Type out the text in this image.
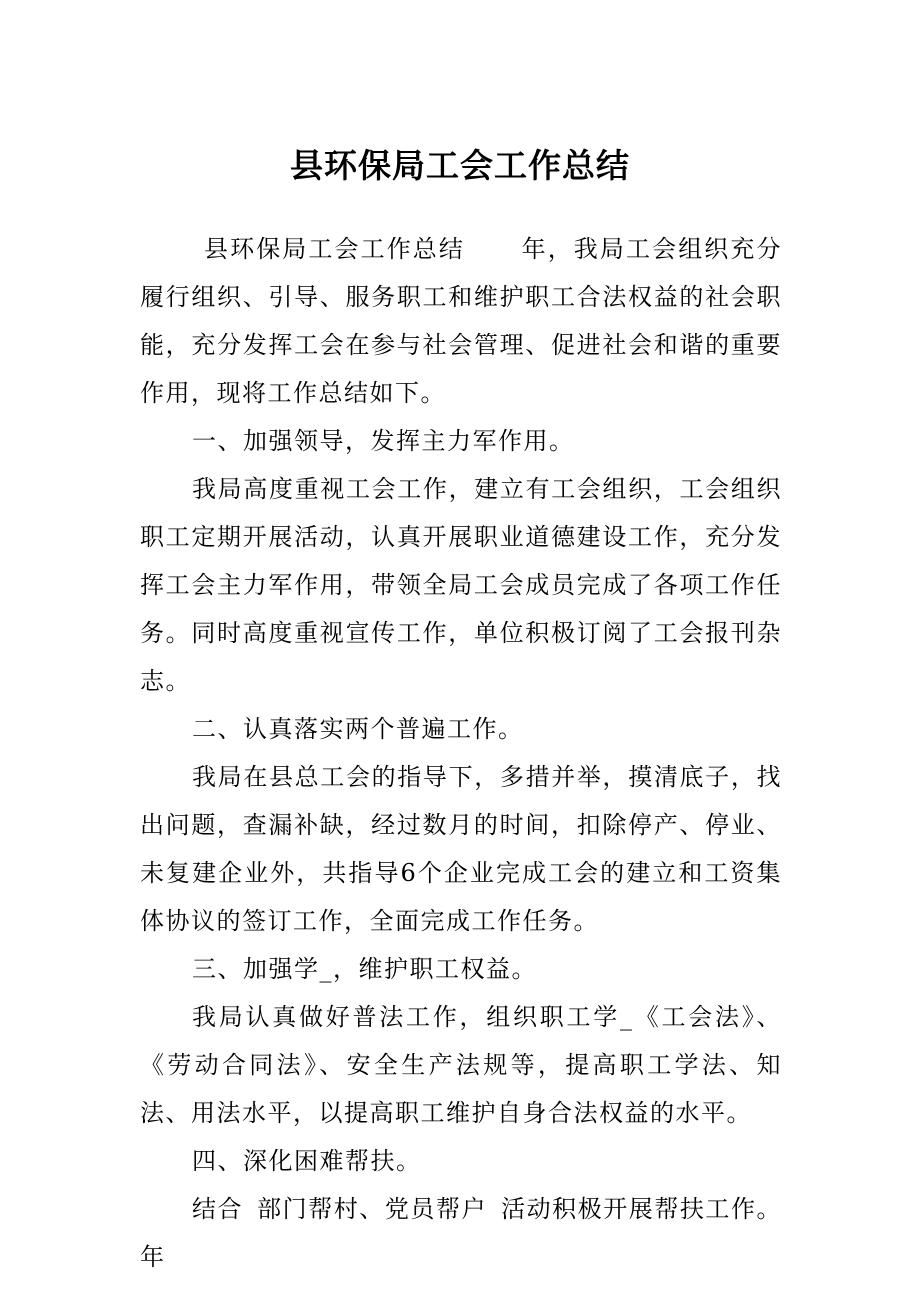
县环保局工会工作总结

县环保局工会工作总结 年，我局工会组织充分履行组织、引导、服务职工和维护职工合法权益的社会职能，充分发挥工会在参与社会管理、促进社会和谐的重要作用，现将工作总结如下。

一、加强领导，发挥主力军作用。

我局高度重视工会工作，建立有工会组织，工会组织职工定期开展活动，认真开展职业道德建设工作，充分发挥工会主力军作用，带领全局工会成员完成了各项工作任务。同时高度重视宣传工作，单位积极订阅了工会报刊杂志。

二、认真落实两个普遍工作。

我局在县总工会的指导下，多措并举，摸清底子，找出问题，查漏补缺，经过数月的时间，扣除停产、停业、未复建企业外，共指导6个企业完成工会的建立和工资集体协议的签订工作，全面完成工作任务。

三、加强学_，维护职工权益。

我局认真做好普法工作，组织职工学_《工会法》、《劳动合同法》、安全生产法规等，提高职工学法、知法、用法水平，以提高职工维护自身合法权益的水平。

四、深化困难帮扶。

结合 部门帮村、党员帮户 活动积极开展帮扶工作。年
